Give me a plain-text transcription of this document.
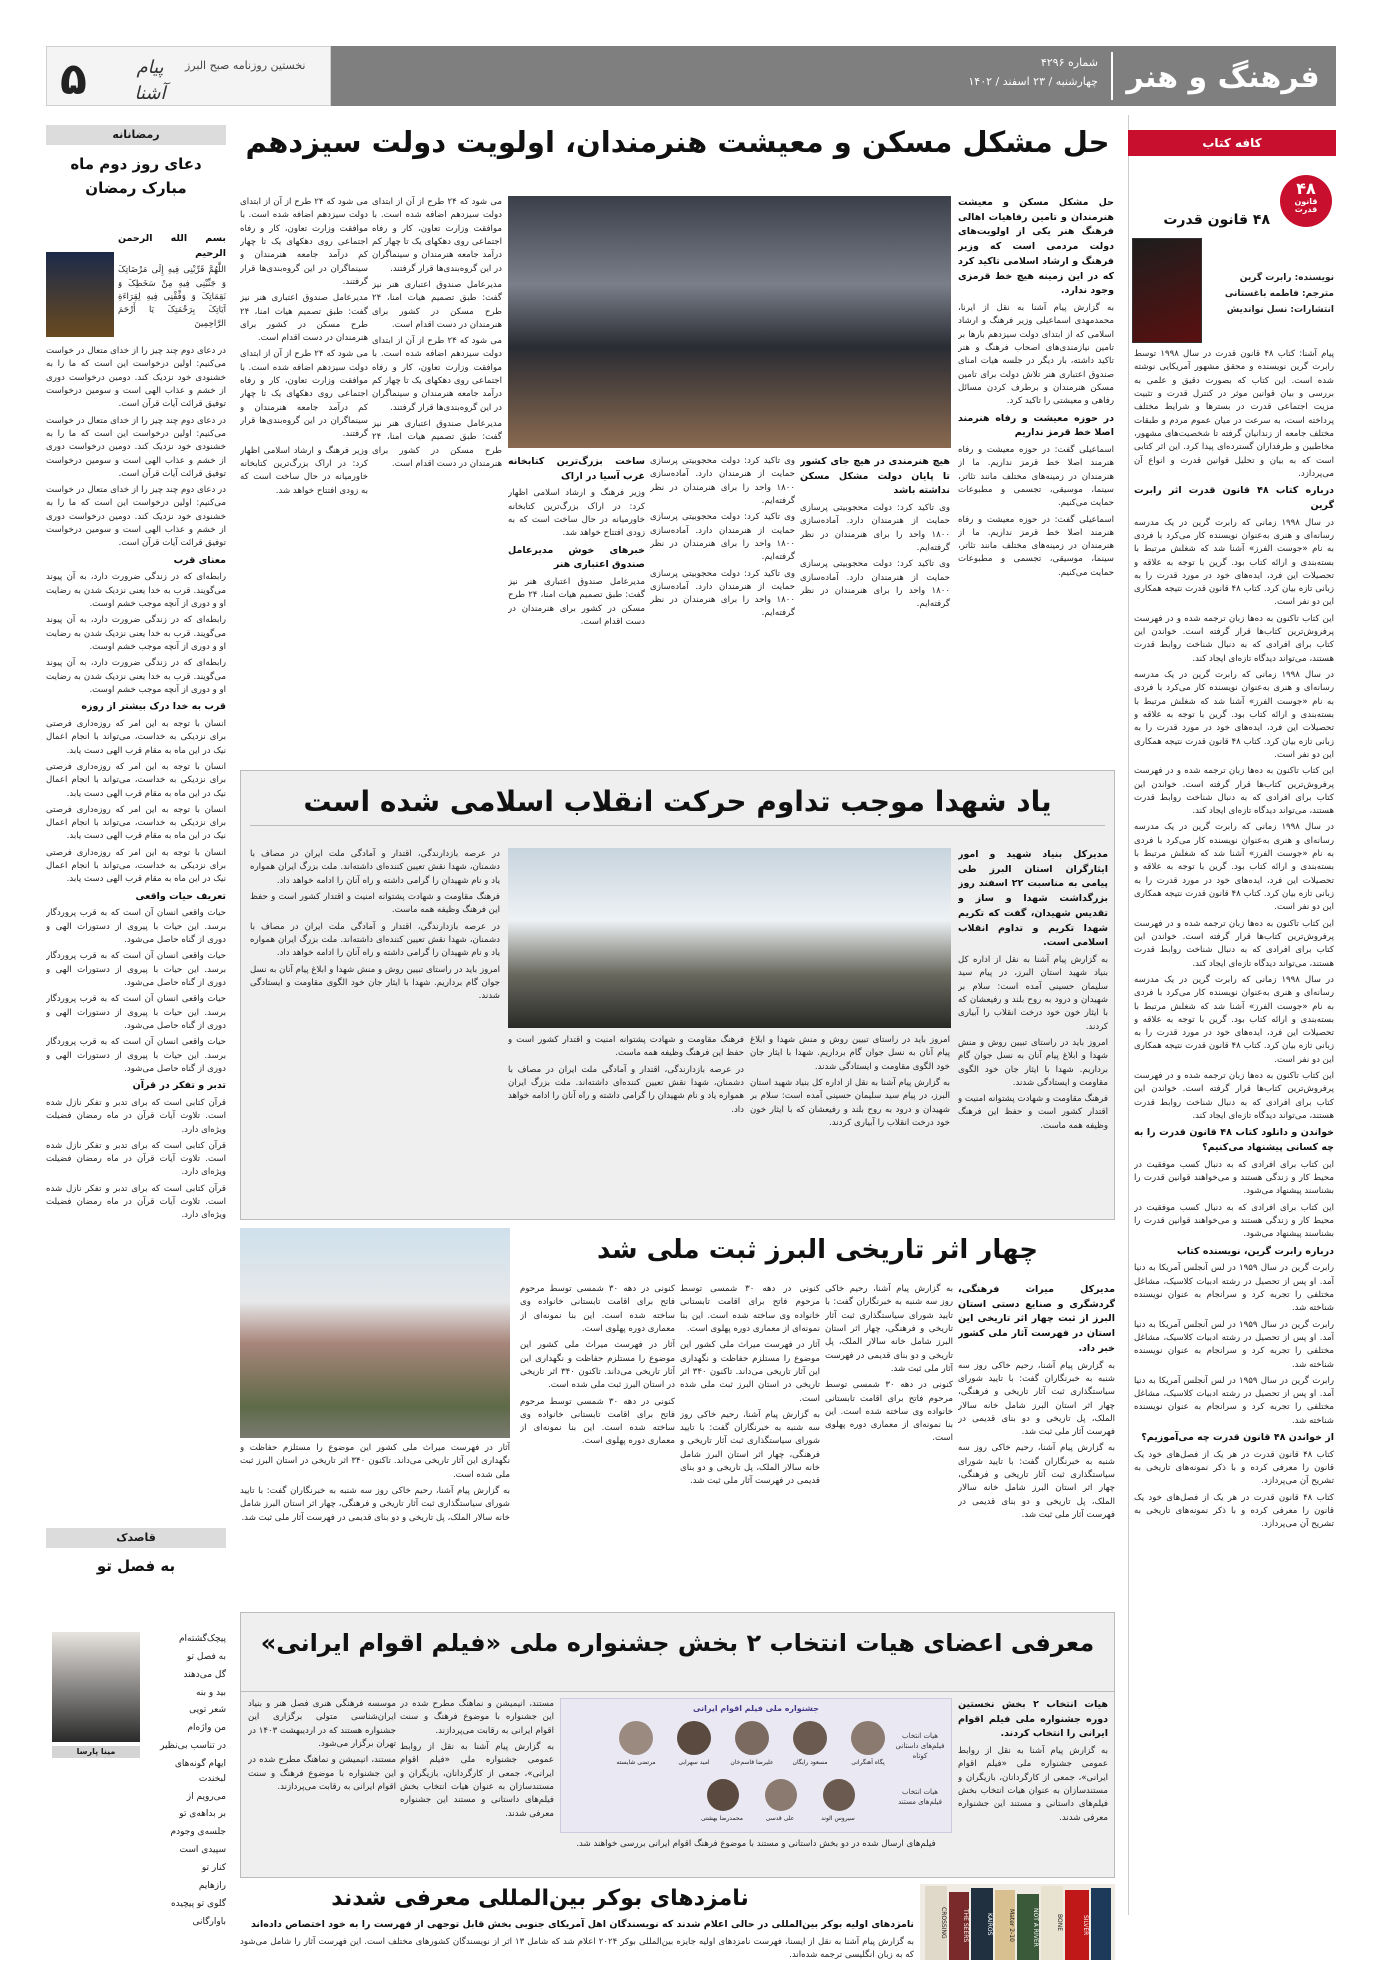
فرهنگ و هنر
شماره ۴۲۹۶
چهارشنبه / ۲۳ اسفند / ۱۴۰۲
نخستین روزنامه صبح البرز
پیام آشنا
۵
کافه کتاب
۴۸
قانون
قدرت
۴۸ قانون قدرت

نویسنده: رابرت گرین

مترجم: فاطمه باغستانی

انتشارات: نسل نواندیش

پیام آشنا: کتاب ۴۸ قانون قدرت در سال ۱۹۹۸ توسط رابرت گرین نویسنده و محقق مشهور آمریکایی نوشته شده است. این کتاب که بصورت دقیق و علمی به بررسی و بیان قوانین موثر در کنترل قدرت و تثبیت مزیت اجتماعی قدرت در بسترها و شرایط مختلف پرداخته است، به سرعت در میان عموم مردم و طبقات مختلف جامعه از زندانیان گرفته تا شخصیت‌های مشهور، مخاطبین و طرفداران گسترده‌ای پیدا کرد. این اثر کتابی است که به بیان و تحلیل قوانین قدرت و انواع آن می‌پردازد.

درباره کتاب ۴۸ قانون قدرت اثر رابرت گرین

در سال ۱۹۹۸ زمانی که رابرت گرین در یک مدرسه رسانه‌ای و هنری به‌عنوان نویسنده کار می‌کرد با فردی به نام «جوست الفرز» آشنا شد که شغلش مرتبط با بسته‌بندی و ارائه کتاب بود. گرین با توجه به علاقه و تحصیلات این فرد، ایده‌های خود در مورد قدرت را به زبانی تازه بیان کرد. کتاب ۴۸ قانون قدرت نتیجه همکاری این دو نفر است.

این کتاب تاکنون به ده‌ها زبان ترجمه شده و در فهرست پرفروش‌ترین کتاب‌ها قرار گرفته است. خواندن این کتاب برای افرادی که به دنبال شناخت روابط قدرت هستند، می‌تواند دیدگاه تازه‌ای ایجاد کند.

در سال ۱۹۹۸ زمانی که رابرت گرین در یک مدرسه رسانه‌ای و هنری به‌عنوان نویسنده کار می‌کرد با فردی به نام «جوست الفرز» آشنا شد که شغلش مرتبط با بسته‌بندی و ارائه کتاب بود. گرین با توجه به علاقه و تحصیلات این فرد، ایده‌های خود در مورد قدرت را به زبانی تازه بیان کرد. کتاب ۴۸ قانون قدرت نتیجه همکاری این دو نفر است.

این کتاب تاکنون به ده‌ها زبان ترجمه شده و در فهرست پرفروش‌ترین کتاب‌ها قرار گرفته است. خواندن این کتاب برای افرادی که به دنبال شناخت روابط قدرت هستند، می‌تواند دیدگاه تازه‌ای ایجاد کند.

در سال ۱۹۹۸ زمانی که رابرت گرین در یک مدرسه رسانه‌ای و هنری به‌عنوان نویسنده کار می‌کرد با فردی به نام «جوست الفرز» آشنا شد که شغلش مرتبط با بسته‌بندی و ارائه کتاب بود. گرین با توجه به علاقه و تحصیلات این فرد، ایده‌های خود در مورد قدرت را به زبانی تازه بیان کرد. کتاب ۴۸ قانون قدرت نتیجه همکاری این دو نفر است.

این کتاب تاکنون به ده‌ها زبان ترجمه شده و در فهرست پرفروش‌ترین کتاب‌ها قرار گرفته است. خواندن این کتاب برای افرادی که به دنبال شناخت روابط قدرت هستند، می‌تواند دیدگاه تازه‌ای ایجاد کند.

در سال ۱۹۹۸ زمانی که رابرت گرین در یک مدرسه رسانه‌ای و هنری به‌عنوان نویسنده کار می‌کرد با فردی به نام «جوست الفرز» آشنا شد که شغلش مرتبط با بسته‌بندی و ارائه کتاب بود. گرین با توجه به علاقه و تحصیلات این فرد، ایده‌های خود در مورد قدرت را به زبانی تازه بیان کرد. کتاب ۴۸ قانون قدرت نتیجه همکاری این دو نفر است.

این کتاب تاکنون به ده‌ها زبان ترجمه شده و در فهرست پرفروش‌ترین کتاب‌ها قرار گرفته است. خواندن این کتاب برای افرادی که به دنبال شناخت روابط قدرت هستند، می‌تواند دیدگاه تازه‌ای ایجاد کند.

خواندن و دانلود کتاب ۴۸ قانون قدرت را به چه کسانی پیشنهاد می‌کنیم؟

این کتاب برای افرادی که به دنبال کسب موفقیت در محیط کار و زندگی هستند و می‌خواهند قوانین قدرت را بشناسند پیشنهاد می‌شود.

این کتاب برای افرادی که به دنبال کسب موفقیت در محیط کار و زندگی هستند و می‌خواهند قوانین قدرت را بشناسند پیشنهاد می‌شود.

درباره رابرت گرین، نویسنده کتاب

رابرت گرین در سال ۱۹۵۹ در لس آنجلس آمریکا به دنیا آمد. او پس از تحصیل در رشته ادبیات کلاسیک، مشاغل مختلفی را تجربه کرد و سرانجام به عنوان نویسنده شناخته شد.

رابرت گرین در سال ۱۹۵۹ در لس آنجلس آمریکا به دنیا آمد. او پس از تحصیل در رشته ادبیات کلاسیک، مشاغل مختلفی را تجربه کرد و سرانجام به عنوان نویسنده شناخته شد.

رابرت گرین در سال ۱۹۵۹ در لس آنجلس آمریکا به دنیا آمد. او پس از تحصیل در رشته ادبیات کلاسیک، مشاغل مختلفی را تجربه کرد و سرانجام به عنوان نویسنده شناخته شد.

از خواندن ۴۸ قانون قدرت چه می‌آموزیم؟

کتاب ۴۸ قانون قدرت در هر یک از فصل‌های خود یک قانون را معرفی کرده و با ذکر نمونه‌های تاریخی به تشریح آن می‌پردازد.

کتاب ۴۸ قانون قدرت در هر یک از فصل‌های خود یک قانون را معرفی کرده و با ذکر نمونه‌های تاریخی به تشریح آن می‌پردازد.

رمضانانه
دعای روز دوم ماه مبارک رمضان

بسم الله الرحمن الرحیم

اللَّهُمَّ قَرِّبْنِی فِیهِ إِلَى مَرْضَاتِکَ وَ جَنِّبْنِی فِیهِ مِنْ سَخَطِکَ وَ نَقِمَاتِکَ وَ وَفِّقْنِی فِیهِ لِقِرَاءَةِ آیَاتِکَ بِرَحْمَتِکَ یَا أَرْحَمَ الرَّاحِمِینَ

در دعای دوم چند چیز را از خدای متعال در خواست می‌کنیم: اولین درخواست این است که ما را به خشنودی خود نزدیک کند. دومین درخواست دوری از خشم و عذاب الهی است و سومین درخواست توفیق قرائت آیات قرآن است.

در دعای دوم چند چیز را از خدای متعال در خواست می‌کنیم: اولین درخواست این است که ما را به خشنودی خود نزدیک کند. دومین درخواست دوری از خشم و عذاب الهی است و سومین درخواست توفیق قرائت آیات قرآن است.

در دعای دوم چند چیز را از خدای متعال در خواست می‌کنیم: اولین درخواست این است که ما را به خشنودی خود نزدیک کند. دومین درخواست دوری از خشم و عذاب الهی است و سومین درخواست توفیق قرائت آیات قرآن است.

معنای قرب

رابطه‌ای که در زندگی ضرورت دارد، به آن پیوند می‌گویند. قرب به خدا یعنی نزدیک شدن به رضایت او و دوری از آنچه موجب خشم اوست.

رابطه‌ای که در زندگی ضرورت دارد، به آن پیوند می‌گویند. قرب به خدا یعنی نزدیک شدن به رضایت او و دوری از آنچه موجب خشم اوست.

رابطه‌ای که در زندگی ضرورت دارد، به آن پیوند می‌گویند. قرب به خدا یعنی نزدیک شدن به رضایت او و دوری از آنچه موجب خشم اوست.

قرب به خدا درک بیشتر از روزه

انسان با توجه به این امر که روزه‌داری فرصتی برای نزدیکی به خداست، می‌تواند با انجام اعمال نیک در این ماه به مقام قرب الهی دست یابد.

انسان با توجه به این امر که روزه‌داری فرصتی برای نزدیکی به خداست، می‌تواند با انجام اعمال نیک در این ماه به مقام قرب الهی دست یابد.

انسان با توجه به این امر که روزه‌داری فرصتی برای نزدیکی به خداست، می‌تواند با انجام اعمال نیک در این ماه به مقام قرب الهی دست یابد.

انسان با توجه به این امر که روزه‌داری فرصتی برای نزدیکی به خداست، می‌تواند با انجام اعمال نیک در این ماه به مقام قرب الهی دست یابد.

تعریف حیات واقعی

حیات واقعی انسان آن است که به قرب پروردگار برسد. این حیات با پیروی از دستورات الهی و دوری از گناه حاصل می‌شود.

حیات واقعی انسان آن است که به قرب پروردگار برسد. این حیات با پیروی از دستورات الهی و دوری از گناه حاصل می‌شود.

حیات واقعی انسان آن است که به قرب پروردگار برسد. این حیات با پیروی از دستورات الهی و دوری از گناه حاصل می‌شود.

حیات واقعی انسان آن است که به قرب پروردگار برسد. این حیات با پیروی از دستورات الهی و دوری از گناه حاصل می‌شود.

تدبر و تفکر در قرآن

قرآن کتابی است که برای تدبر و تفکر نازل شده است. تلاوت آیات قرآن در ماه رمضان فضیلت ویژه‌ای دارد.

قرآن کتابی است که برای تدبر و تفکر نازل شده است. تلاوت آیات قرآن در ماه رمضان فضیلت ویژه‌ای دارد.

قرآن کتابی است که برای تدبر و تفکر نازل شده است. تلاوت آیات قرآن در ماه رمضان فضیلت ویژه‌ای دارد.

قاصدک
به فصل تو
مینا پارسا

پیچک‌گشته‌ام

به فصل تو

گل می‌دهند

بید و بنه

شعر تویی

من واژه‌ام

در تناسب بی‌نظیر

ایهام گونه‌های لبخندت

می‌رویم از

بر بداهه‌ی تو

جلسه‌ی وجودم

سپیدی است

کنار تو

رازهایم

گلوی تو پیچیده

باوارگانی

حل مشکل مسکن و معیشت هنرمندان، اولویت دولت سیزدهم

حل مشکل مسکن و معیشت هنرمندان و تامین رفاهیات اهالی فرهنگ هنر یکی از اولویت‌های دولت مردمی است که وزیر فرهنگ و ارشاد اسلامی تاکید کرد که در این زمینه هیچ خط قرمزی وجود ندارد.

به گزارش پیام آشنا به نقل از ایرنا، محمدمهدی اسماعیلی وزیر فرهنگ و ارشاد اسلامی که از ابتدای دولت سیزدهم بارها بر تامین نیازمندی‌های اصحاب فرهنگ و هنر تاکید داشته، بار دیگر در جلسه هیات امنای صندوق اعتباری هنر تلاش دولت برای تامین مسکن هنرمندان و برطرف کردن مسائل رفاهی و معیشتی را تاکید کرد.

در حوزه معیشت و رفاه هنرمند اصلا خط قرمز نداریم

اسماعیلی گفت: در حوزه معیشت و رفاه هنرمند اصلا خط قرمز نداریم. ما از هنرمندان در زمینه‌های مختلف مانند تئاتر، سینما، موسیقی، تجسمی و مطبوعات حمایت می‌کنیم.

اسماعیلی گفت: در حوزه معیشت و رفاه هنرمند اصلا خط قرمز نداریم. ما از هنرمندان در زمینه‌های مختلف مانند تئاتر، سینما، موسیقی، تجسمی و مطبوعات حمایت می‌کنیم.

هیچ هنرمندی در هیچ جای کشور تا پایان دولت مشکل مسکن نداشته باشد

وی تاکید کرد: دولت محجوبیتی پرسازی حمایت از هنرمندان دارد. آماده‌سازی ۱۸۰۰ واحد را برای هنرمندان در نظر گرفته‌ایم.

وی تاکید کرد: دولت محجوبیتی پرسازی حمایت از هنرمندان دارد. آماده‌سازی ۱۸۰۰ واحد را برای هنرمندان در نظر گرفته‌ایم.

وی تاکید کرد: دولت محجوبیتی پرسازی حمایت از هنرمندان دارد. آماده‌سازی ۱۸۰۰ واحد را برای هنرمندان در نظر گرفته‌ایم.

وی تاکید کرد: دولت محجوبیتی پرسازی حمایت از هنرمندان دارد. آماده‌سازی ۱۸۰۰ واحد را برای هنرمندان در نظر گرفته‌ایم.

وی تاکید کرد: دولت محجوبیتی پرسازی حمایت از هنرمندان دارد. آماده‌سازی ۱۸۰۰ واحد را برای هنرمندان در نظر گرفته‌ایم.

ساخت بزرگ‌ترین کتابخانه غرب آسیا در اراک

وزیر فرهنگ و ارشاد اسلامی اظهار کرد: در اراک بزرگ‌ترین کتابخانه خاورمیانه در حال ساخت است که به زودی افتتاح خواهد شد.

خبرهای خوش مدیرعامل صندوق اعتباری هنر

مدیرعامل صندوق اعتباری هنر نیز گفت: طبق تصمیم هیات امنا، ۲۴ طرح مسکن در کشور برای هنرمندان در دست اقدام است.

می شود که ۲۴ طرح از آن از ابتدای دولت سیزدهم اضافه شده است. با موافقت وزارت تعاون، کار و رفاه اجتماعی روی دهکهای یک تا چهار کم درآمد جامعه هنرمندان و سینماگران در این گروه‌بندی‌ها قرار گرفتند.

مدیرعامل صندوق اعتباری هنر نیز گفت: طبق تصمیم هیات امنا، ۲۴ طرح مسکن در کشور برای هنرمندان در دست اقدام است.

می شود که ۲۴ طرح از آن از ابتدای دولت سیزدهم اضافه شده است. با موافقت وزارت تعاون، کار و رفاه اجتماعی روی دهکهای یک تا چهار کم درآمد جامعه هنرمندان و سینماگران در این گروه‌بندی‌ها قرار گرفتند.

مدیرعامل صندوق اعتباری هنر نیز گفت: طبق تصمیم هیات امنا، ۲۴ طرح مسکن در کشور برای هنرمندان در دست اقدام است.

می شود که ۲۴ طرح از آن از ابتدای دولت سیزدهم اضافه شده است. با موافقت وزارت تعاون، کار و رفاه اجتماعی روی دهکهای یک تا چهار کم درآمد جامعه هنرمندان و سینماگران در این گروه‌بندی‌ها قرار گرفتند.

مدیرعامل صندوق اعتباری هنر نیز گفت: طبق تصمیم هیات امنا، ۲۴ طرح مسکن در کشور برای هنرمندان در دست اقدام است.

می شود که ۲۴ طرح از آن از ابتدای دولت سیزدهم اضافه شده است. با موافقت وزارت تعاون، کار و رفاه اجتماعی روی دهکهای یک تا چهار کم درآمد جامعه هنرمندان و سینماگران در این گروه‌بندی‌ها قرار گرفتند.

وزیر فرهنگ و ارشاد اسلامی اظهار کرد: در اراک بزرگ‌ترین کتابخانه خاورمیانه در حال ساخت است که به زودی افتتاح خواهد شد.

یاد شهدا موجب تداوم حرکت انقلاب اسلامی شده است

مدیرکل بنیاد شهید و امور ایثارگران استان البرز طی پیامی به مناسبت ۲۲ اسفند روز بزرگداشت شهدا و ساز و تقدیس شهیدان، گفت که تکریم شهدا تکریم و تداوم انقلاب اسلامی است.

به گزارش پیام آشنا به نقل از اداره کل بنیاد شهید استان البرز، در پیام سید سلیمان حسینی آمده است: سلام بر شهیدان و درود به روح بلند و رفیعشان که با ایثار خون خود درخت انقلاب را آبیاری کردند.

امروز باید در راستای تبیین روش و منش شهدا و ابلاغ پیام آنان به نسل جوان گام برداریم. شهدا با ایثار جان خود الگوی مقاومت و ایستادگی شدند.

فرهنگ مقاومت و شهادت پشتوانه امنیت و اقتدار کشور است و حفظ این فرهنگ وظیفه همه ماست.

امروز باید در راستای تبیین روش و منش شهدا و ابلاغ پیام آنان به نسل جوان گام برداریم. شهدا با ایثار جان خود الگوی مقاومت و ایستادگی شدند.

به گزارش پیام آشنا به نقل از اداره کل بنیاد شهید استان البرز، در پیام سید سلیمان حسینی آمده است: سلام بر شهیدان و درود به روح بلند و رفیعشان که با ایثار خون خود درخت انقلاب را آبیاری کردند.

فرهنگ مقاومت و شهادت پشتوانه امنیت و اقتدار کشور است و حفظ این فرهنگ وظیفه همه ماست.

در عرصه بازدارندگی، اقتدار و آمادگی ملت ایران در مصاف با دشمنان، شهدا نقش تعیین کننده‌ای داشته‌اند. ملت بزرگ ایران همواره یاد و نام شهیدان را گرامی داشته و راه آنان را ادامه خواهد داد.

در عرصه بازدارندگی، اقتدار و آمادگی ملت ایران در مصاف با دشمنان، شهدا نقش تعیین کننده‌ای داشته‌اند. ملت بزرگ ایران همواره یاد و نام شهیدان را گرامی داشته و راه آنان را ادامه خواهد داد.

فرهنگ مقاومت و شهادت پشتوانه امنیت و اقتدار کشور است و حفظ این فرهنگ وظیفه همه ماست.

در عرصه بازدارندگی، اقتدار و آمادگی ملت ایران در مصاف با دشمنان، شهدا نقش تعیین کننده‌ای داشته‌اند. ملت بزرگ ایران همواره یاد و نام شهیدان را گرامی داشته و راه آنان را ادامه خواهد داد.

امروز باید در راستای تبیین روش و منش شهدا و ابلاغ پیام آنان به نسل جوان گام برداریم. شهدا با ایثار جان خود الگوی مقاومت و ایستادگی شدند.

چهار اثر تاریخی البرز ثبت ملی شد

مدیرکل میراث فرهنگی، گردشگری و صنایع دستی استان البرز از ثبت چهار اثر تاریخی این استان در فهرست آثار ملی کشور خبر داد.

به گزارش پیام آشنا، رحیم خاکی روز سه شنبه به خبرنگاران گفت: با تایید شورای سیاستگذاری ثبت آثار تاریخی و فرهنگی، چهار اثر استان البرز شامل خانه سالار الملک، پل تاریخی و دو بنای قدیمی در فهرست آثار ملی ثبت شد.

به گزارش پیام آشنا، رحیم خاکی روز سه شنبه به خبرنگاران گفت: با تایید شورای سیاستگذاری ثبت آثار تاریخی و فرهنگی، چهار اثر استان البرز شامل خانه سالار الملک، پل تاریخی و دو بنای قدیمی در فهرست آثار ملی ثبت شد.

به گزارش پیام آشنا، رحیم خاکی روز سه شنبه به خبرنگاران گفت: با تایید شورای سیاستگذاری ثبت آثار تاریخی و فرهنگی، چهار اثر استان البرز شامل خانه سالار الملک، پل تاریخی و دو بنای قدیمی در فهرست آثار ملی ثبت شد.

کنونی در دهه ۳۰ شمسی توسط مرحوم فاتح برای اقامت تابستانی خانواده وی ساخته شده است. این بنا نمونه‌ای از معماری دوره پهلوی است.

کنونی در دهه ۳۰ شمسی توسط مرحوم فاتح برای اقامت تابستانی خانواده وی ساخته شده است. این بنا نمونه‌ای از معماری دوره پهلوی است.

آثار در فهرست میراث ملی کشور این موضوع را مستلزم حفاظت و نگهداری این آثار تاریخی می‌داند. تاکنون ۳۴۰ اثر تاریخی در استان البرز ثبت ملی شده است.

به گزارش پیام آشنا، رحیم خاکی روز سه شنبه به خبرنگاران گفت: با تایید شورای سیاستگذاری ثبت آثار تاریخی و فرهنگی، چهار اثر استان البرز شامل خانه سالار الملک، پل تاریخی و دو بنای قدیمی در فهرست آثار ملی ثبت شد.

کنونی در دهه ۳۰ شمسی توسط مرحوم فاتح برای اقامت تابستانی خانواده وی ساخته شده است. این بنا نمونه‌ای از معماری دوره پهلوی است.

آثار در فهرست میراث ملی کشور این موضوع را مستلزم حفاظت و نگهداری این آثار تاریخی می‌داند. تاکنون ۳۴۰ اثر تاریخی در استان البرز ثبت ملی شده است.

کنونی در دهه ۳۰ شمسی توسط مرحوم فاتح برای اقامت تابستانی خانواده وی ساخته شده است. این بنا نمونه‌ای از معماری دوره پهلوی است.

آثار در فهرست میراث ملی کشور این موضوع را مستلزم حفاظت و نگهداری این آثار تاریخی می‌داند. تاکنون ۳۴۰ اثر تاریخی در استان البرز ثبت ملی شده است.

به گزارش پیام آشنا، رحیم خاکی روز سه شنبه به خبرنگاران گفت: با تایید شورای سیاستگذاری ثبت آثار تاریخی و فرهنگی، چهار اثر استان البرز شامل خانه سالار الملک، پل تاریخی و دو بنای قدیمی در فهرست آثار ملی ثبت شد.

معرفی اعضای هیات انتخاب ۲ بخش جشنواره ملی «فیلم اقوام ایرانی»

هیات انتخاب ۲ بخش نخستین دوره جشنواره ملی فیلم اقوام ایرانی را انتخاب کردند.

به گزارش پیام آشنا به نقل از روابط عمومی جشنواره ملی «فیلم اقوام ایرانی»، جمعی از کارگردانان، بازیگران و مستندسازان به عنوان هیات انتخاب بخش فیلم‌های داستانی و مستند این جشنواره معرفی شدند.

جشنواره ملی فیلم اقوام ایرانی
هیات انتخاب فیلم‌های داستانی کوتاه
هیات انتخاب فیلم‌های مستند
پگاه آهنگرانی
مسعود رایگان
علیرضا قاسم‌خان
امید سهرابی
مرتضی شایسته
سیروس الوند
علی قدسی
محمدرضا بهشتی
فیلم‌های ارسال شده در دو بخش داستانی و مستند با موضوع فرهنگ اقوام ایرانی بررسی خواهند شد.

مستند، انیمیشن و نماهنگ مطرح شده در این جشنواره با موضوع فرهنگ و سنت اقوام ایرانی به رقابت می‌پردازند.

به گزارش پیام آشنا به نقل از روابط عمومی جشنواره ملی «فیلم اقوام ایرانی»، جمعی از کارگردانان، بازیگران و مستندسازان به عنوان هیات انتخاب بخش فیلم‌های داستانی و مستند این جشنواره معرفی شدند.

موسسه فرهنگی هنری فصل هنر و بنیاد ایران‌شناسی متولی برگزاری این جشنواره هستند که در اردیبهشت ۱۴۰۳ در تهران برگزار می‌شود.

مستند، انیمیشن و نماهنگ مطرح شده در این جشنواره با موضوع فرهنگ و سنت اقوام ایرانی به رقابت می‌پردازند.

نامزدهای بوکر بین‌المللی معرفی شدند
SILVER
BONE
NOT A RIVER
Mater 2-10
KAIROS
THE SEERS
CROSSING

نامزدهای اولیه بوکر بین‌المللی در حالی اعلام شدند که نویسندگان اهل آمریکای جنوبی بخش قابل توجهی از فهرست را به خود اختصاص داده‌اند

به گزارش پیام آشنا به نقل از ایسنا، فهرست نامزدهای اولیه جایزه بین‌المللی بوکر ۲۰۲۴ اعلام شد که شامل ۱۳ اثر از نویسندگان کشورهای مختلف است. این فهرست آثار را شامل می‌شود که به زبان انگلیسی ترجمه شده‌اند.
